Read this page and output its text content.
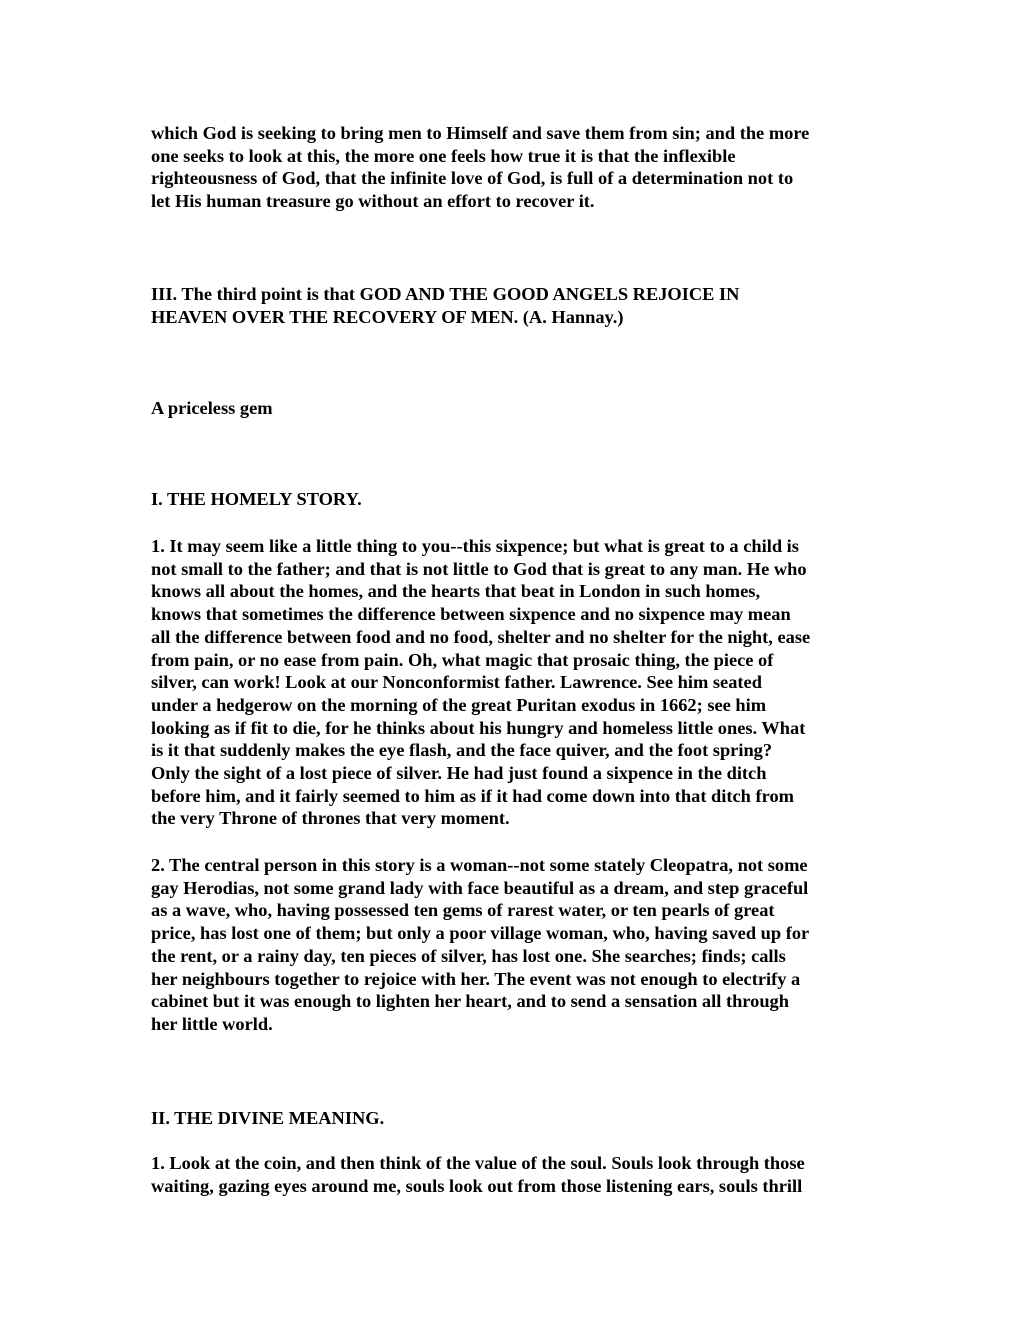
which God is seeking to bring men to Himself and save them from sin; and the more
one seeks to look at this, the more one feels how true it is that the inflexible
righteousness of God, that the infinite love of God, is full of a determination not to
let His human treasure go without an effort to recover it.

III. The third point is that GOD AND THE GOOD ANGELS REJOICE IN
HEAVEN OVER THE RECOVERY OF MEN. (A. Hannay.)

A priceless gem

I. THE HOMELY STORY.

1. It may seem like a little thing to you--this sixpence; but what is great to a child is
not small to the father; and that is not little to God that is great to any man. He who
knows all about the homes, and the hearts that beat in London in such homes,
knows that sometimes the difference between sixpence and no sixpence may mean
all the difference between food and no food, shelter and no shelter for the night, ease
from pain, or no ease from pain. Oh, what magic that prosaic thing, the piece of
silver, can work! Look at our Nonconformist father. Lawrence. See him seated
under a hedgerow on the morning of the great Puritan exodus in 1662; see him
looking as if fit to die, for he thinks about his hungry and homeless little ones. What
is it that suddenly makes the eye flash, and the face quiver, and the foot spring?
Only the sight of a lost piece of silver. He had just found a sixpence in the ditch
before him, and it fairly seemed to him as if it had come down into that ditch from
the very Throne of thrones that very moment.

2. The central person in this story is a woman--not some stately Cleopatra, not some
gay Herodias, not some grand lady with face beautiful as a dream, and step graceful
as a wave, who, having possessed ten gems of rarest water, or ten pearls of great
price, has lost one of them; but only a poor village woman, who, having saved up for
the rent, or a rainy day, ten pieces of silver, has lost one. She searches; finds; calls
her neighbours together to rejoice with her. The event was not enough to electrify a
cabinet but it was enough to lighten her heart, and to send a sensation all through
her little world.

II. THE DIVINE MEANING.

1. Look at the coin, and then think of the value of the soul. Souls look through those
waiting, gazing eyes around me, souls look out from those listening ears, souls thrill
